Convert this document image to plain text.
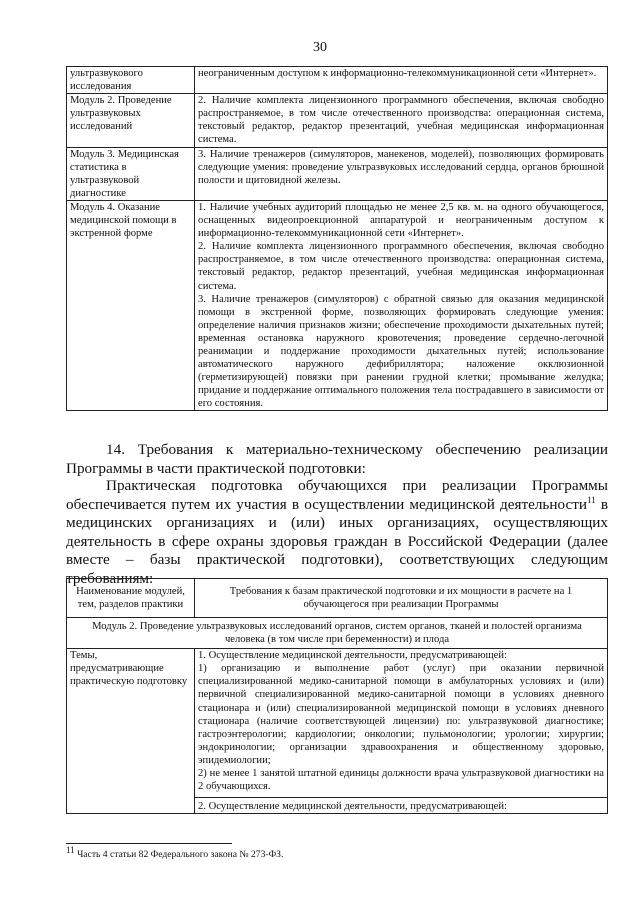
30
ультразвукового исследования	неограниченным доступом к информационно-телекоммуникационной сети «Интернет».

Модуль 2. Проведение ультразвуковых исследований	2. Наличие комплекта лицензионного программного обеспечения, включая свободно распространяемое, в том числе отечественного производства: операционная система, текстовый редактор, редактор презентаций, учебная медицинская информационная система.

Модуль 3. Медицинская статистика в ультразвуковой диагностике	3. Наличие тренажеров (симуляторов, манекенов, моделей), позволяющих формировать следующие умения: проведение ультразвуковых исследований сердца, органов брюшной полости и щитовидной железы.

Модуль 4. Оказание медицинской помощи в экстренной форме	1. Наличие учебных аудиторий площадью не менее 2,5 кв. м. на одного обучающегося, оснащенных видеопроекционной аппаратурой и неограниченным доступом к информационно-телекоммуникационной сети «Интернет».

2. Наличие комплекта лицензионного программного обеспечения, включая свободно распространяемое, в том числе отечественного производства: операционная система, текстовый редактор, редактор презентаций, учебная медицинская информационная система.

3. Наличие тренажеров (симуляторов) с обратной связью для оказания медицинской помощи в экстренной форме, позволяющих формировать следующие умения: определение наличия признаков жизни; обеспечение проходимости дыхательных путей; временная остановка наружного кровотечения; проведение сердечно-легочной реанимации и поддержание проходимости дыхательных путей; использование автоматического наружного дефибриллятора; наложение окклюзионной (герметизирующей) повязки при ранении грудной клетки; промывание желудка; придание и поддержание оптимального положения тела пострадавшего в зависимости от его состояния.

14. Требования к материально-техническому обеспечению реализации Программы в части практической подготовки:
Практическая подготовка обучающихся при реализации Программы обеспечивается путем их участия в осуществлении медицинской деятельности$^{11}$ в медицинских организациях и (или) иных организациях, осуществляющих деятельность в сфере охраны здоровья граждан в Российской Федерации (далее вместе – базы практической подготовки), соответствующих следующим требованиям:
Наименование модулей, тем, разделов практики	Требования к базам практической подготовки и их мощности в расчете на 1 обучающегося при реализации Программы
Модуль 2. Проведение ультразвуковых исследований органов, систем органов, тканей и полостей организма человека (в том числе при беременности) и плода	
Темы, предусматривающие практическую подготовку	1. Осуществление медицинской деятельности, предусматривающей:

1) организацию и выполнение работ (услуг) при оказании первичной специализированной медико-санитарной помощи в амбулаторных условиях и (или) первичной специализированной медико-санитарной помощи в условиях дневного стационара и (или) специализированной медицинской помощи в условиях дневного стационара (наличие соответствующей лицензии) по: ультразвуковой диагностике; гастроэнтерологии; кардиологии; онкологии; пульмонологии; урологии; хирургии; эндокринологии; организации здравоохранения и общественному здоровью, эпидемиологии;

2) не менее 1 занятой штатной единицы должности врача ультразвуковой диагностики на 2 обучающихся.

2. Осуществление медицинской деятельности, предусматривающей:

$^{11}$ Часть 4 статьи 82 Федерального закона № 273-ФЗ.
